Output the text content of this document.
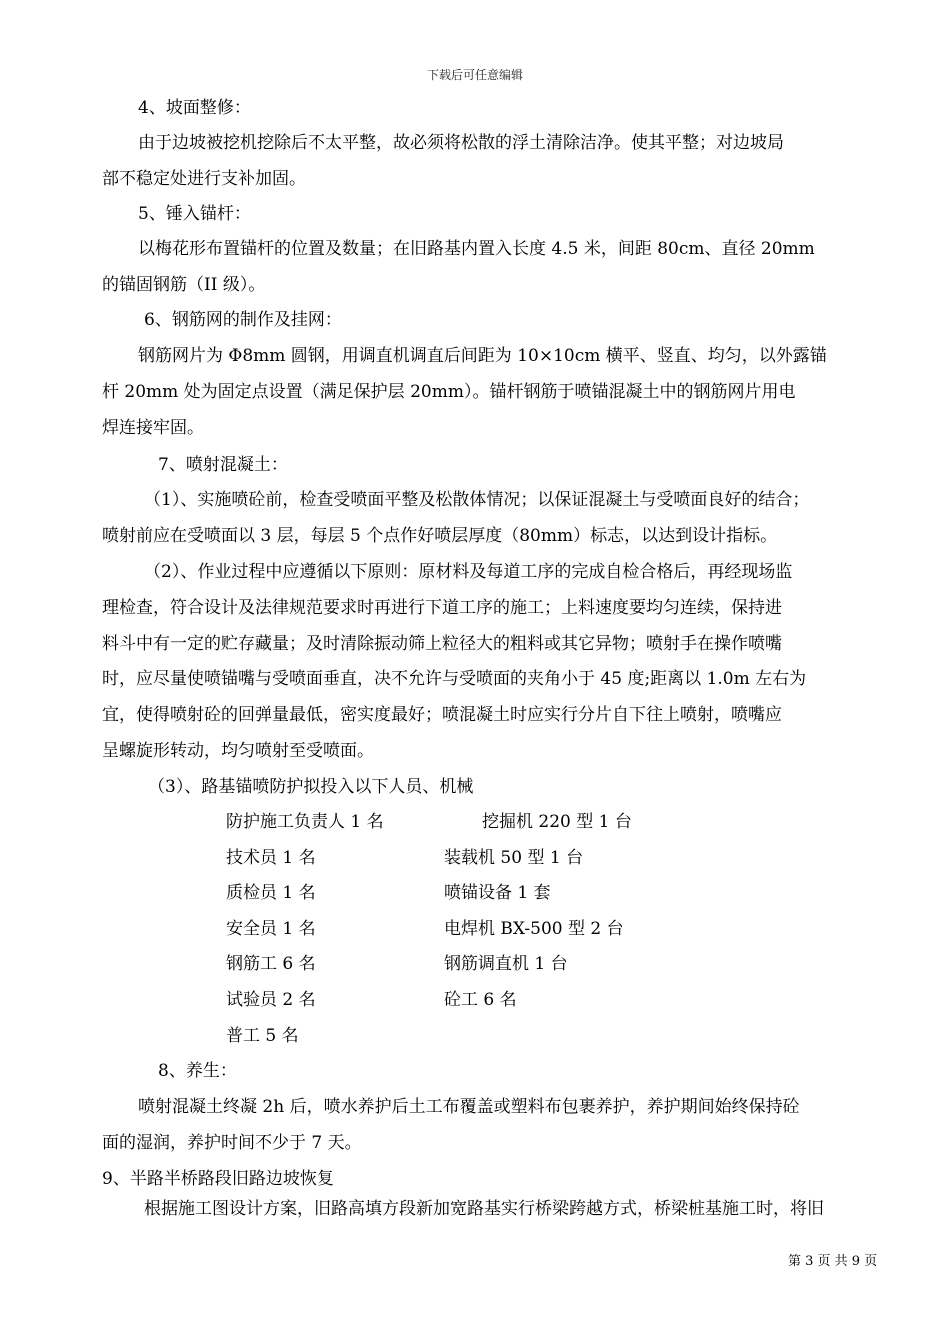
下载后可任意编辑
4、坡面整修：
由于边坡被挖机挖除后不太平整，故必须将松散的浮土清除洁净。使其平整；对边坡局
部不稳定处进行支补加固。
5、锤入锚杆：
以梅花形布置锚杆的位置及数量；在旧路基内置入长度 4.5 米，间距 80cm、直径 20mm
的锚固钢筋（II 级）。
6、钢筋网的制作及挂网：
钢筋网片为 Φ8mm 圆钢，用调直机调直后间距为 10×10cm 横平、竖直、均匀，以外露锚
杆 20mm 处为固定点设置（满足保护层 20mm）。锚杆钢筋于喷锚混凝土中的钢筋网片用电
焊连接牢固。
7、喷射混凝土：
（1）、实施喷砼前，检查受喷面平整及松散体情况；以保证混凝土与受喷面良好的结合；
喷射前应在受喷面以 3 层，每层 5 个点作好喷层厚度（80mm）标志，以达到设计指标。
（2）、作业过程中应遵循以下原则：原材料及每道工序的完成自检合格后，再经现场监
理检查，符合设计及法律规范要求时再进行下道工序的施工；上料速度要均匀连续，保持进
料斗中有一定的贮存藏量；及时清除振动筛上粒径大的粗料或其它异物；喷射手在操作喷嘴
时，应尽量使喷锚嘴与受喷面垂直，决不允许与受喷面的夹角小于 45 度;距离以 1.0m 左右为
宜，使得喷射砼的回弹量最低，密实度最好；喷混凝土时应实行分片自下往上喷射，喷嘴应
呈螺旋形转动，均匀喷射至受喷面。
（3）、路基锚喷防护拟投入以下人员、机械
防护施工负责人 1 名	挖掘机 220 型 1 台
技术员 1 名	装载机 50 型 1 台
质检员 1 名	喷锚设备 1 套
安全员 1 名	电焊机 BX-500 型 2 台
钢筋工 6 名	钢筋调直机 1 台
试验员 2 名	砼工 6 名
普工 5 名
8、养生：
喷射混凝土终凝 2h 后，喷水养护后土工布覆盖或塑料布包裹养护，养护期间始终保持砼
面的湿润，养护时间不少于 7 天。
9、半路半桥路段旧路边坡恢复
根据施工图设计方案，旧路高填方段新加宽路基实行桥梁跨越方式，桥梁桩基施工时，将旧
第 3 页 共 9 页
